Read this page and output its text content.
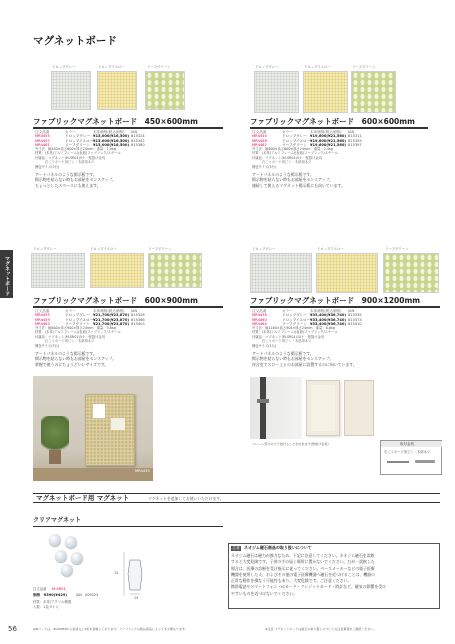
マグネットボード
マグネットボード
ドロップグレー	ドロップイエロー	リーフグリーン
ファブリックマグネットボード　450×600mm
注文品番	カラー	本体価格(税込価格)	JAN
MR4455	ドロップグレー ¥15,000(¥16,500) 815324
MR4457	ドロップイエロー ¥15,000(¥16,500) 815342
MR4461	リーフグリーン ¥15,000(¥16,500) 815380
外寸法：幅450×高さ600×厚さ24mm　重量：1.9kg
材質：(本体)アルミフレーム/(表面)ファブリック/スチール
付属品：マグネット(M-SR01)5ケ・壁掛け金具
　　　石こうボード用ピン・木部用ネジ
梱包サイズ(3台)
アートパネルのような掲示板です。
掲示物を貼らない時もお部屋をセンスアップ。
ちょっとしたスペースにも使えます。
ドロップグレー	ドロップイエロー	リーフグリーン
ファブリックマグネットボード　600×600mm
注文品番	カラー	本体価格(税込価格)	JAN
MR4454	ドロップグレー ¥19,600(¥21,560) 815311
MR4458	ドロップイエロー ¥19,600(¥21,560) 815359
MR4462	リーフグリーン ¥19,600(¥21,560) 815397
外寸法：幅600×高さ600×厚さ24mm　重量：2.4kg
材質：(本体)アルミフレーム/(表面)ファブリック/スチール
付属品：マグネット(M-SR01)5ケ・壁掛け金具
　　　石こうボード用ピン・木部用ネジ
梱包サイズ(3台)
アートパネルのような掲示板です。
掲示物を貼らない時もお部屋をセンスアップ。
連続して使えるマグネット掲示板にも向いています。
ドロップグレー	ドロップイエロー	リーフグリーン
ファブリックマグネットボード　600×900mm
注文品番	カラー	本体価格(税込価格)	JAN
MR4455	ドロップグレー ¥21,700(¥23,870) 815328
MR4459	ドロップイエロー ¥21,700(¥23,870) 815366
MR4463	リーフグリーン ¥21,700(¥23,870) 815403
外寸法：幅600×高さ900×厚さ24mm　重量：3.6kg
材質：(本体)アルミフレーム/(表面)ファブリック/スチール
付属品：マグネット(M-SR01)5ケ・壁掛け金具
　　　石こうボード用ピン・木部用ネジ
梱包サイズ(3台)
アートパネルのような掲示板です。
掲示物を貼らない時もお部屋をセンスアップ。
掌握で使うのにちょうどいいサイズです。
MR4459
ドロップグレー	ドロップイエロー	リーフグリーン
ファブリックマグネットボード　900×1200mm
注文品番	カラー	本体価格(税込価格)	JAN
MR4456	ドロップグレー ¥33,400(¥36,740) 815335
MR4460	ドロップイエロー ¥33,400(¥36,740) 815373
MR4464	リーフグリーン ¥33,400(¥36,740) 815410
外寸法：幅1160×高さ904×厚さ24mm　重量：6.6kg
材質：(本体)アルミフレーム/(表面)ファブリック/スチール
付属品：マグネット(M-SR01)10ケ・壁掛け金具
　　　石こうボード用ピン・木部用ネジ
梱包サイズ(1台)
アートパネルのような掲示板です。
掲示物を貼らない時もお部屋をセンスアップ。
待合室でスロー上とのお部屋に設置するのに向いています。
フレーム部分の穴で掛けることが出来ます(壁掛け金具)	取付金具
石こうボード用ピン・木部ネジ
マグネットボード用 マグネット	マグネットを追加してお使いいただけます。
クリアマグネット
注文品番 M-SR01
価格　¥390(¥429)	JAN　005023
材質：本体/アクリル樹脂
入数：1袋 5ケ入
15
15
注意	ネオジム磁石商品の取り扱いについて
ネオジム磁石は磁力が強力なため、下記に注意してください。ネオジム磁石を誤飲
すると大変危険です。子供の手の届く場所に置かないでください。万が一誤飲した
場合は、医療の診断を受け指示に従ってください。ペースメーカーなどの電子医療
機器を使用した人、およびその他の電子医療機器へ磁石を近づけることは、機器の
正常な動作を損なう可能性もあり、大変危険です。ご注意ください。
携帯電話やスマートフォン・ICカード・クレジットカード・時計など、磁気の影響を受け
やすいものを近づけないでください。
56	JANコードは、4520958から始まる上3桁を省略しております。ファブリックの柄は商品によって多少異なります。	※注意 マグネットボードは磁石の取り扱いについての注意事項をご確認ください。
